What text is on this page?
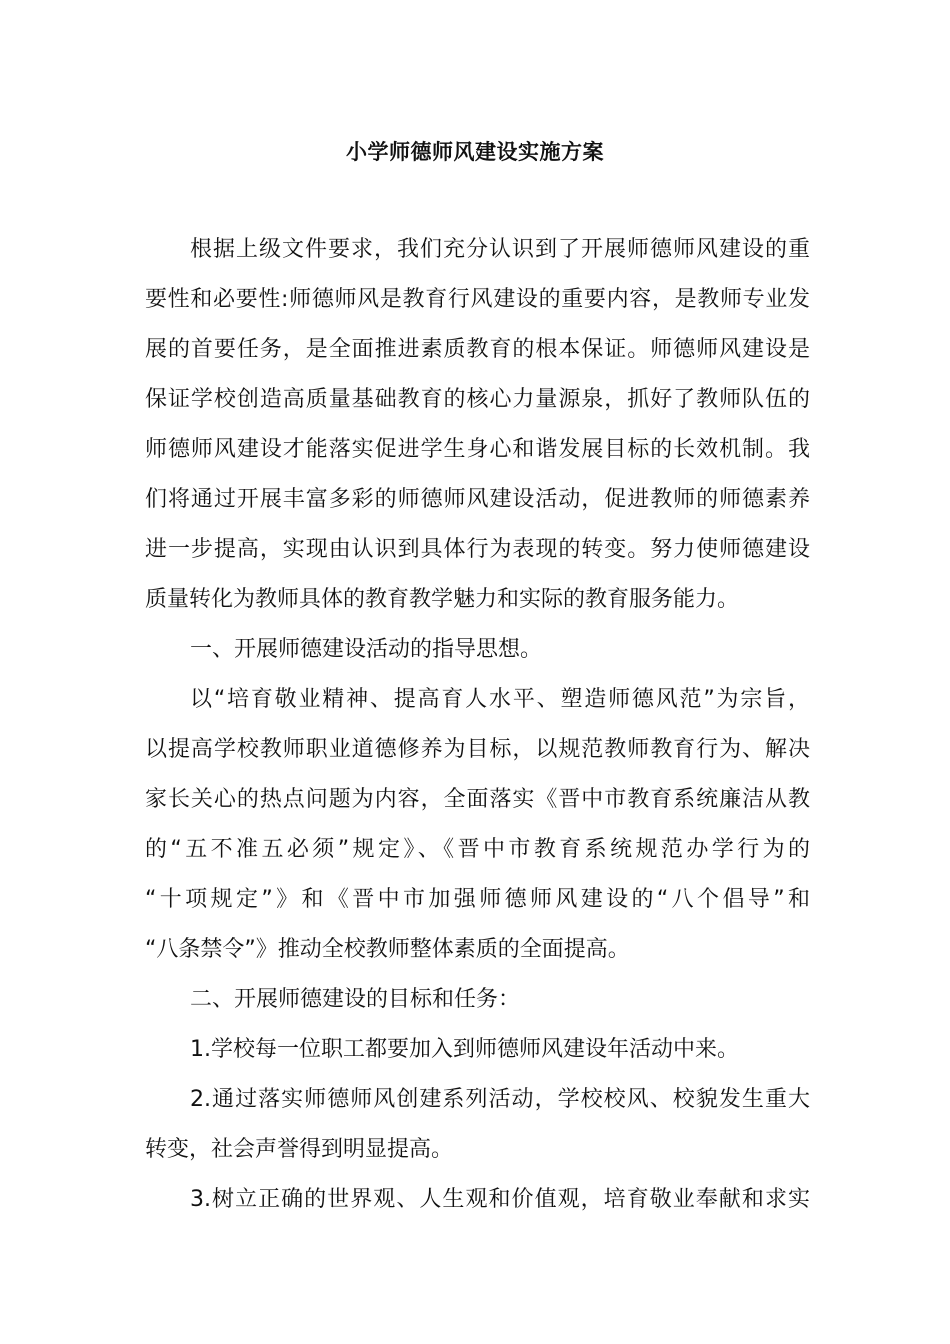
小学师德师风建设实施方案
根据上级文件要求，我们充分认识到了开展师德师风建设的重
要性和必要性:师德师风是教育行风建设的重要内容，是教师专业发
展的首要任务，是全面推进素质教育的根本保证。师德师风建设是
保证学校创造高质量基础教育的核心力量源泉，抓好了教师队伍的
师德师风建设才能落实促进学生身心和谐发展目标的长效机制。我
们将通过开展丰富多彩的师德师风建设活动，促进教师的师德素养
进一步提高，实现由认识到具体行为表现的转变。努力使师德建设
质量转化为教师具体的教育教学魅力和实际的教育服务能力。
一、开展师德建设活动的指导思想。
以“培育敬业精神、提高育人水平、塑造师德风范”为宗旨，
以提高学校教师职业道德修养为目标，以规范教师教育行为、解决
家长关心的热点问题为内容，全面落实《晋中市教育系统廉洁从教
的“五不准五必须”规定》、《晋中市教育系统规范办学行为的
“十项规定”》和《晋中市加强师德师风建设的“八个倡导”和
“八条禁令”》推动全校教师整体素质的全面提高。
二、开展师德建设的目标和任务：
1.学校每一位职工都要加入到师德师风建设年活动中来。
2.通过落实师德师风创建系列活动，学校校风、校貌发生重大
转变，社会声誉得到明显提高。
3.树立正确的世界观、人生观和价值观，培育敬业奉献和求实
